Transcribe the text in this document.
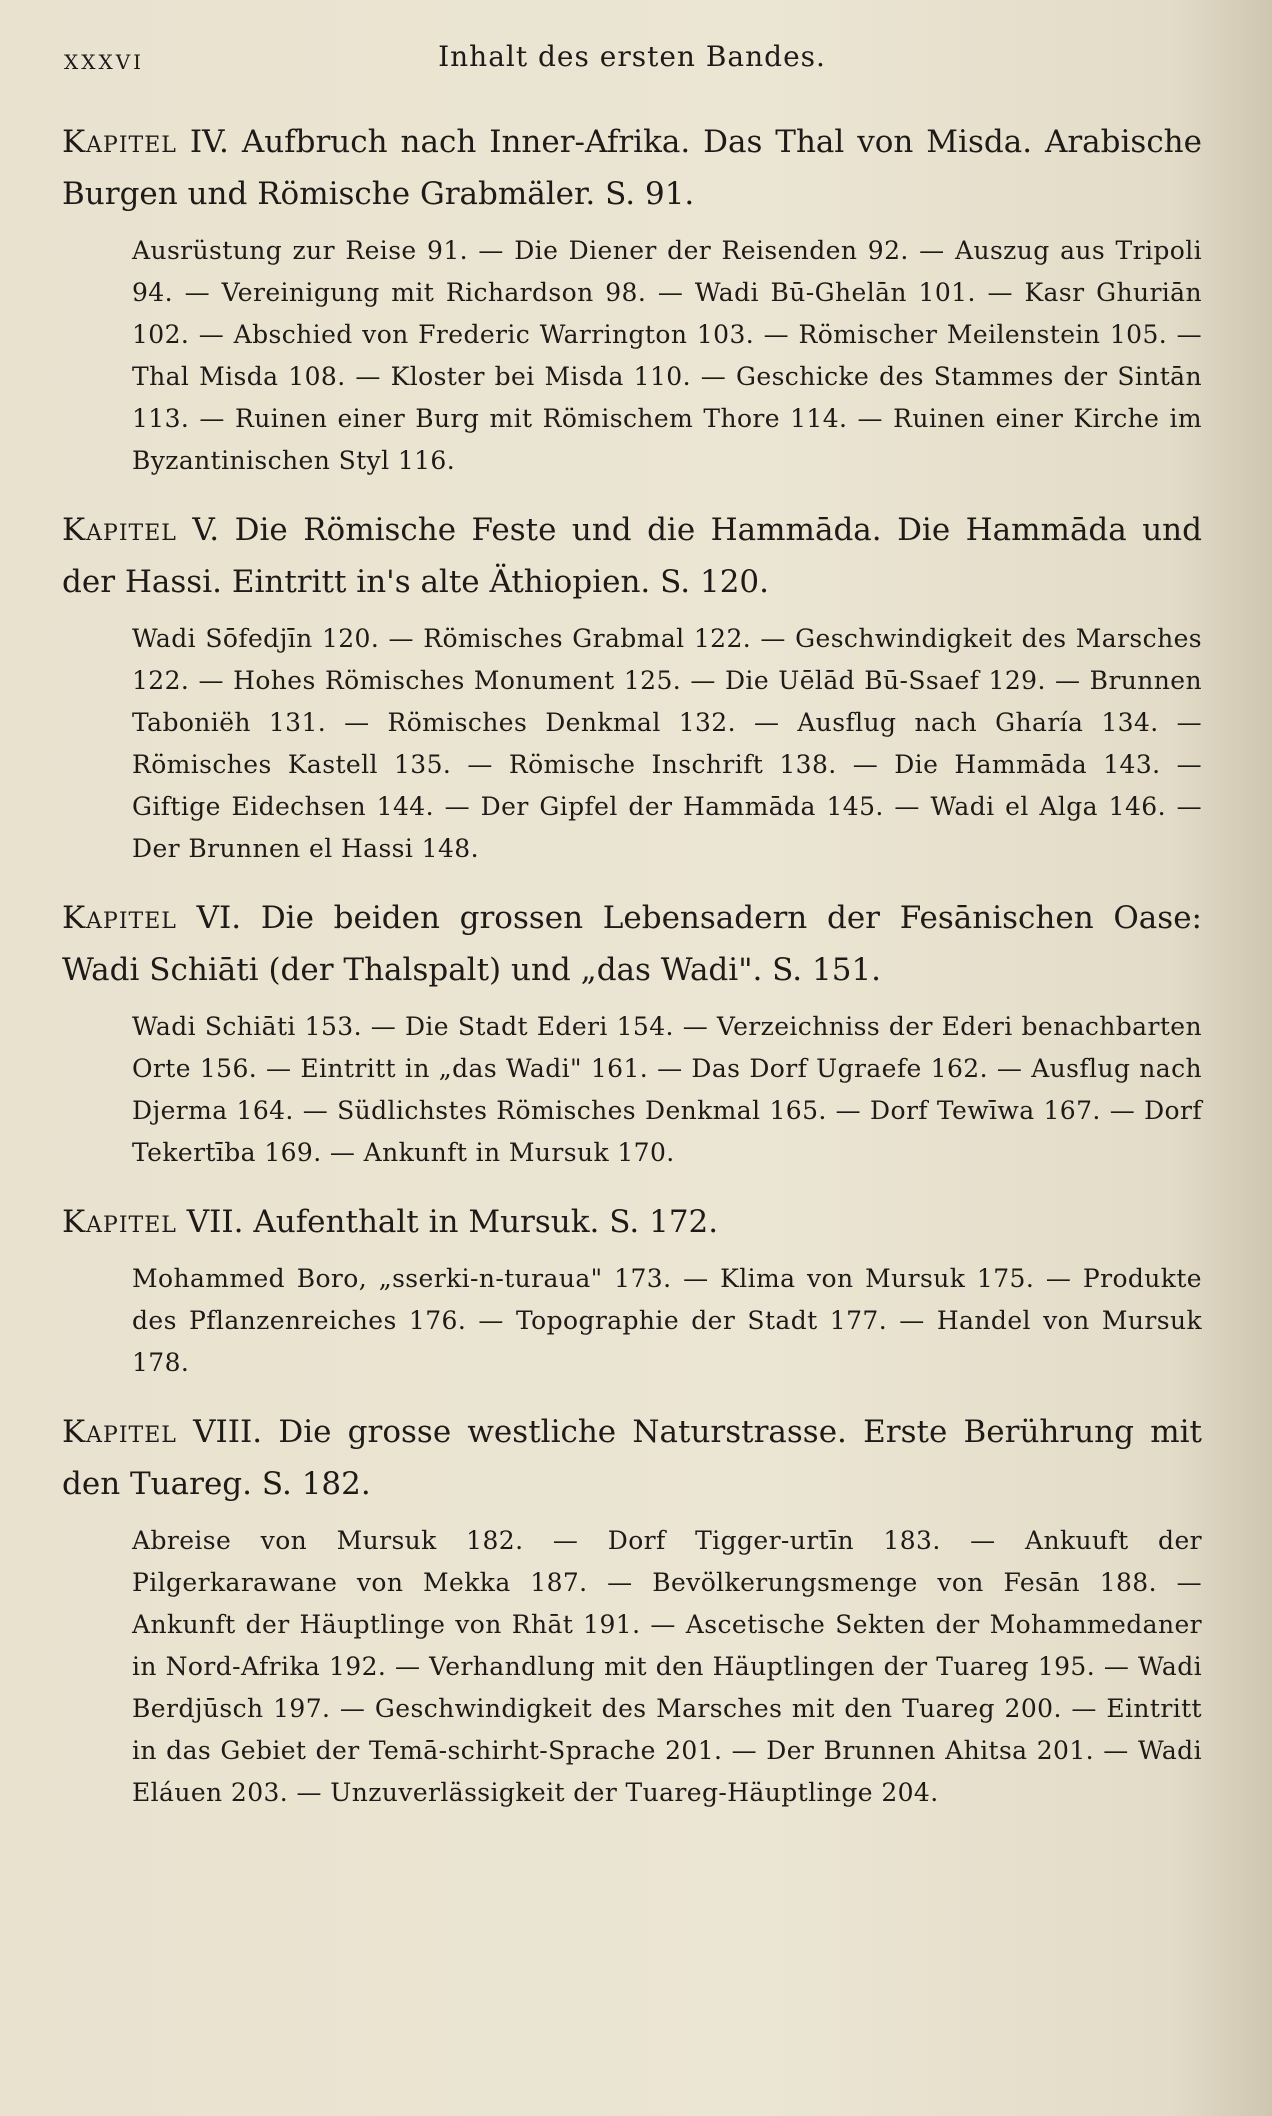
XXXVI	Inhalt des ersten Bandes.

Kapitel IV. Aufbruch nach Inner-Afrika. Das Thal von Misda. Arabische Burgen und Römische Grabmäler. S. 91.

Ausrüstung zur Reise 91. — Die Diener der Reisenden 92. — Auszug aus Tripoli 94. — Vereinigung mit Richardson 98. — Wadi Bū-Ghelān 101. — Kasr Ghuriān 102. — Abschied von Frederic Warrington 103. — Römischer Meilenstein 105. — Thal Misda 108. — Kloster bei Misda 110. — Geschicke des Stammes der Sintān 113. — Ruinen einer Burg mit Römischem Thore 114. — Ruinen einer Kirche im Byzantinischen Styl 116.

Kapitel V. Die Römische Feste und die Hammāda. Die Hammāda und der Hassi. Eintritt in's alte Äthiopien. S. 120.

Wadi Sōfedjīn 120. — Römisches Grabmal 122. — Geschwindigkeit des Marsches 122. — Hohes Römisches Monument 125. — Die Uēlād Bū-Ssaef 129. — Brunnen Taboniëh 131. — Römisches Denkmal 132. — Ausflug nach Gharía 134. — Römisches Kastell 135. — Römische Inschrift 138. — Die Hammāda 143. — Giftige Eidechsen 144. — Der Gipfel der Hammāda 145. — Wadi el Alga 146. — Der Brunnen el Hassi 148.

Kapitel VI. Die beiden grossen Lebensadern der Fesānischen Oase: Wadi Schiāti (der Thalspalt) und „das Wadi". S. 151.

Wadi Schiāti 153. — Die Stadt Ederi 154. — Verzeichniss der Ederi benachbarten Orte 156. — Eintritt in „das Wadi" 161. — Das Dorf Ugraefe 162. — Ausflug nach Djerma 164. — Südlichstes Römisches Denkmal 165. — Dorf Tewīwa 167. — Dorf Tekertība 169. — Ankunft in Mursuk 170.

Kapitel VII. Aufenthalt in Mursuk. S. 172.

Mohammed Boro, „sserki-n-turaua" 173. — Klima von Mursuk 175. — Produkte des Pflanzenreiches 176. — Topographie der Stadt 177. — Handel von Mursuk 178.

Kapitel VIII. Die grosse westliche Naturstrasse. Erste Berührung mit den Tuareg. S. 182.

Abreise von Mursuk 182. — Dorf Tigger-urtīn 183. — Ankuuft der Pilgerkarawane von Mekka 187. — Bevölkerungsmenge von Fesān 188. — Ankunft der Häuptlinge von Rhāt 191. — Ascetische Sekten der Mohammedaner in Nord-Afrika 192. — Verhandlung mit den Häuptlingen der Tuareg 195. — Wadi Berdjūsch 197. — Geschwindigkeit des Marsches mit den Tuareg 200. — Eintritt in das Gebiet der Temā-schirht-Sprache 201. — Der Brunnen Ahitsa 201. — Wadi Eláuen 203. — Unzuverlässigkeit der Tuareg-Häuptlinge 204.
